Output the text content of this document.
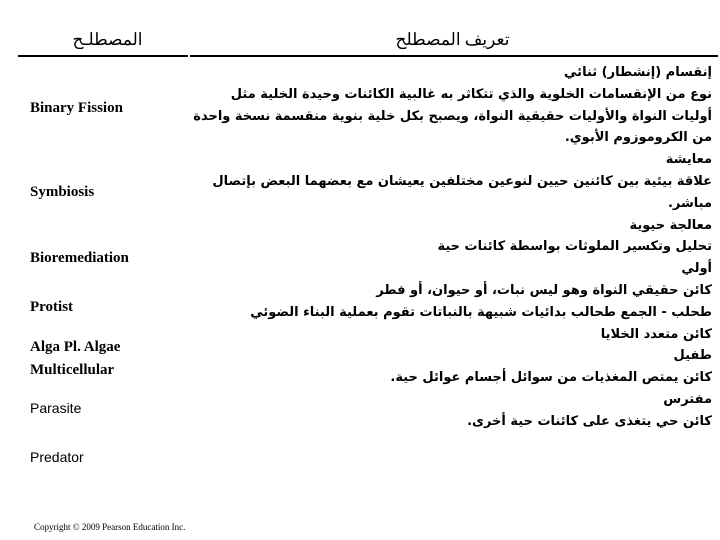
المصطلـح	تعريف المصطلح
Binary Fission
Symbiosis
Bioremediation
Protist
Alga Pl. Algae
Multicellular
Parasite
Predator
إنقسام (إنشطار) ثنائي
نوع من الإنقسامات الخلوية والذي تتكاثر به غالبية الكائنات وحيدة الخلية مثل
أوليات النواة والأوليات حقيقية النواة، ويصبح بكل خلية بنوية منقسمة نسخة واحدة
من الكروموزوم الأبوي.
معايشة
علاقة بيئية بين كائنين حيين لنوعين مختلفين يعيشان مع بعضهما البعض بإتصال
مباشر.
معالجة حيوية
تحليل وتكسير الملوثات بواسطة كائنات حية
أولي
كائن حقيقي النواة وهو ليس نبات، أو حيوان، أو فطر
طحلب - الجمع طحالب بدائيات شبيهة بالنباتات تقوم بعملية البناء الضوئي
كائن متعدد الخلايا
طفيل
كائن يمتص المغذيات من سوائل أجسام عوائل حية.
مفترس
كائن حي يتغذى على كائنات حية أخرى.
Copyright © 2009 Pearson Education Inc.
